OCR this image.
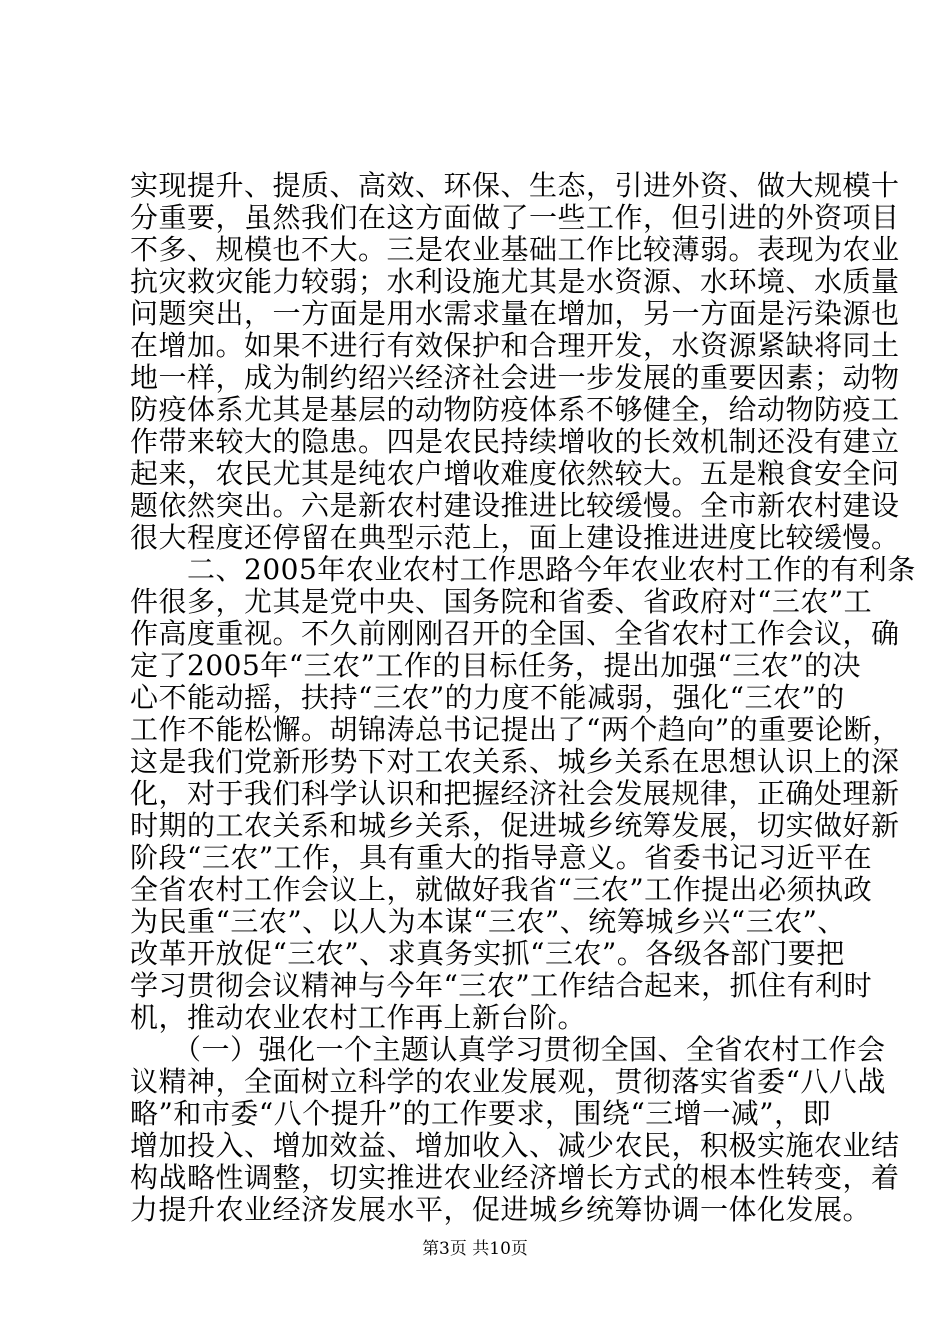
实现提升、提质、高效、环保、生态，引进外资、做大规模十
分重要，虽然我们在这方面做了一些工作，但引进的外资项目
不多、规模也不大。三是农业基础工作比较薄弱。表现为农业
抗灾救灾能力较弱；水利设施尤其是水资源、水环境、水质量
问题突出，一方面是用水需求量在增加，另一方面是污染源也
在增加。如果不进行有效保护和合理开发，水资源紧缺将同土
地一样，成为制约绍兴经济社会进一步发展的重要因素；动物
防疫体系尤其是基层的动物防疫体系不够健全，给动物防疫工
作带来较大的隐患。四是农民持续增收的长效机制还没有建立
起来，农民尤其是纯农户增收难度依然较大。五是粮食安全问
题依然突出。六是新农村建设推进比较缓慢。全市新农村建设
很大程度还停留在典型示范上，面上建设推进进度比较缓慢。
　　二、2005年农业农村工作思路今年农业农村工作的有利条
件很多，尤其是党中央、国务院和省委、省政府对“三农”工
作高度重视。不久前刚刚召开的全国、全省农村工作会议，确
定了2005年“三农”工作的目标任务，提出加强“三农”的决
心不能动摇，扶持“三农”的力度不能减弱，强化“三农”的
工作不能松懈。胡锦涛总书记提出了“两个趋向”的重要论断，
这是我们党新形势下对工农关系、城乡关系在思想认识上的深
化，对于我们科学认识和把握经济社会发展规律，正确处理新
时期的工农关系和城乡关系，促进城乡统筹发展，切实做好新
阶段“三农”工作，具有重大的指导意义。省委书记习近平在
全省农村工作会议上，就做好我省“三农”工作提出必须执政
为民重“三农”、以人为本谋“三农”、统筹城乡兴“三农”、
改革开放促“三农”、求真务实抓“三农”。各级各部门要把
学习贯彻会议精神与今年“三农”工作结合起来，抓住有利时
机，推动农业农村工作再上新台阶。
　　（一）强化一个主题认真学习贯彻全国、全省农村工作会
议精神，全面树立科学的农业发展观，贯彻落实省委“八八战
略”和市委“八个提升”的工作要求，围绕“三增一减”，即
增加投入、增加效益、增加收入、减少农民，积极实施农业结
构战略性调整，切实推进农业经济增长方式的根本性转变，着
力提升农业经济发展水平，促进城乡统筹协调一体化发展。
第3页 共10页
